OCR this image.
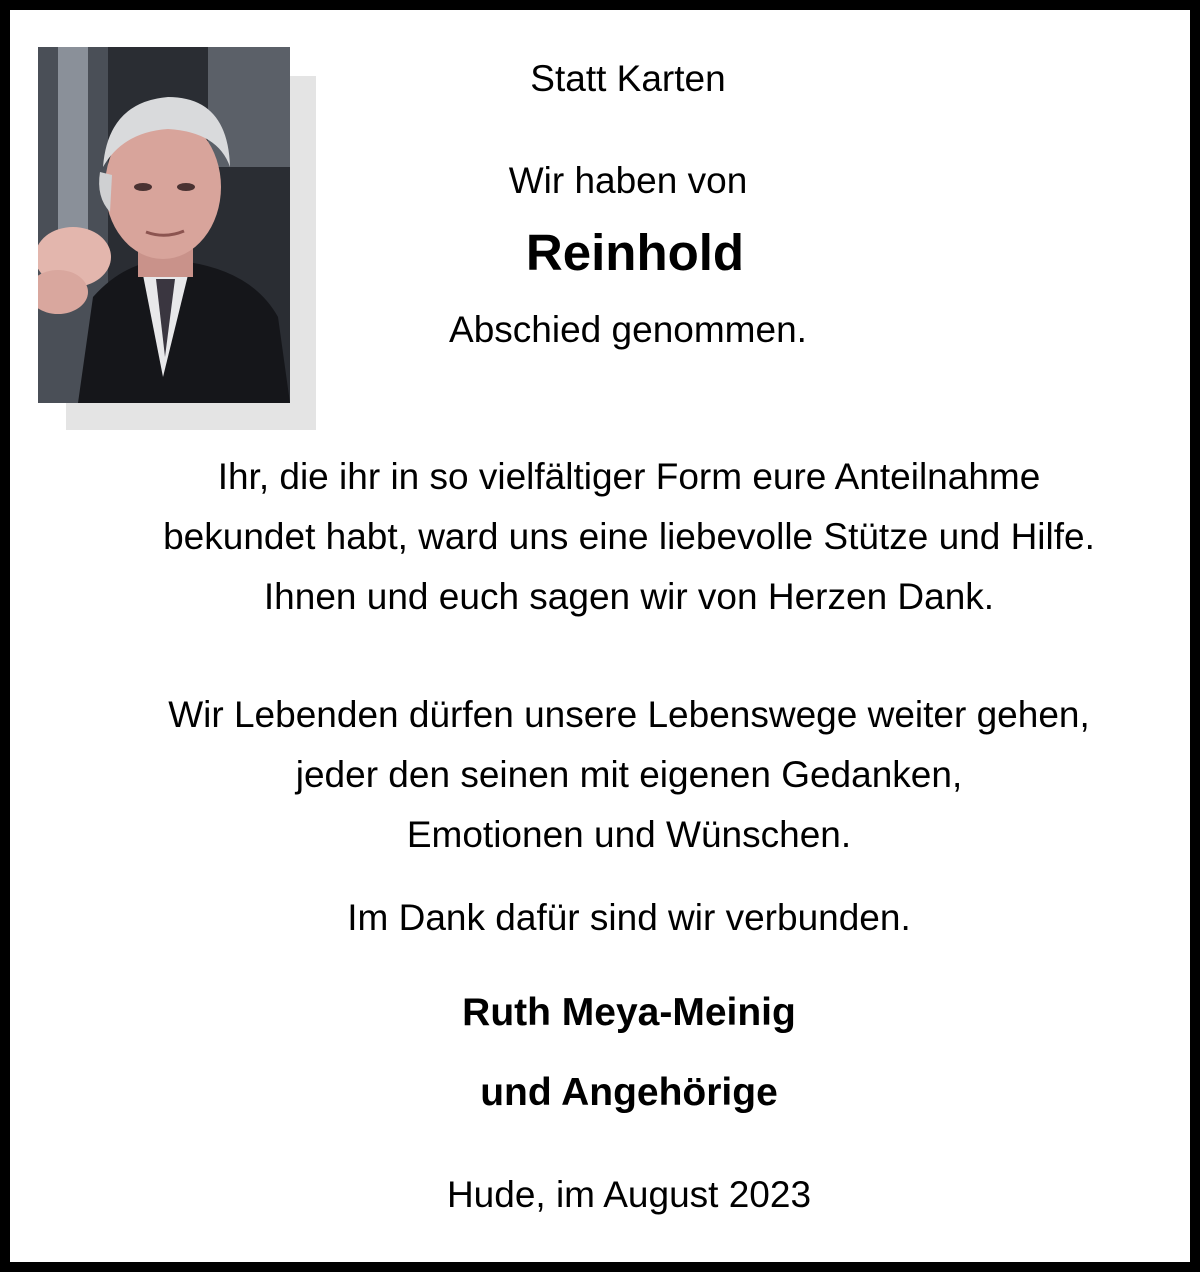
Statt Karten
Wir haben von
Reinhold
Abschied genommen.
Ihr, die ihr in so vielfältiger Form eure Anteilnahme
bekundet habt, ward uns eine liebevolle Stütze und Hilfe.
Ihnen und euch sagen wir von Herzen Dank.
Wir Lebenden dürfen unsere Lebenswege weiter gehen,
jeder den seinen mit eigenen Gedanken,
Emotionen und Wünschen.
Im Dank dafür sind wir verbunden.
Ruth Meya-Meinig
und Angehörige
Hude, im August 2023
